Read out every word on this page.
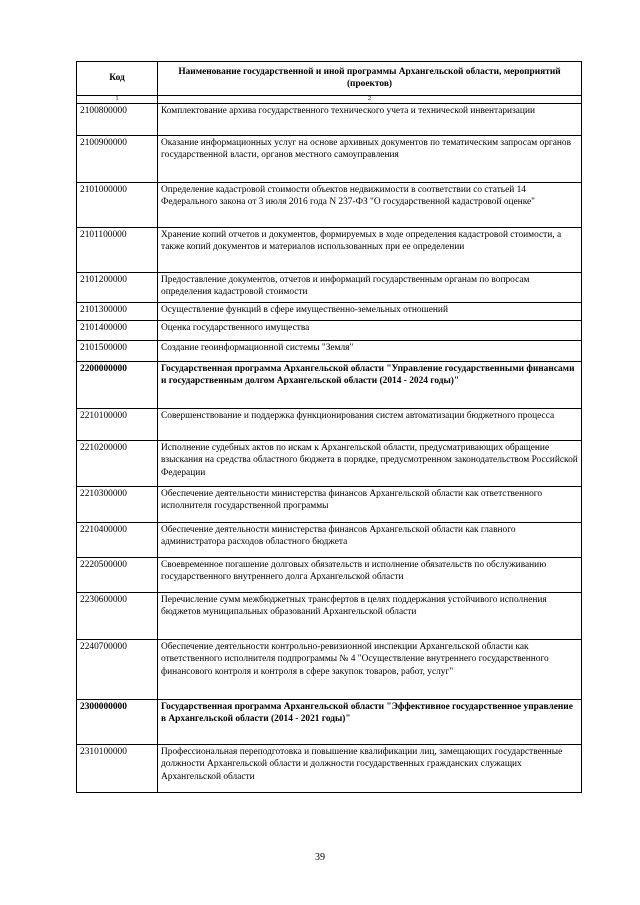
Код	Наименование государственной и иной программы Архангельской области, мероприятий (проектов)
1	2
2100800000	Комплектование архива государственного технического учета и технической инвентаризации
2100900000	Оказание информационных услуг на основе архивных документов по тематическим запросам органов государственной власти, органов местного самоуправления
2101000000	Определение кадастровой стоимости объектов недвижимости в соответствии со статьей 14 Федерального закона от 3 июля 2016 года N 237-ФЗ "О государственной кадастровой оценке"
2101100000	Хранение копий отчетов и документов, формируемых в ходе определения кадастровой стоимости, а также копий документов и материалов использованных при ее определении
2101200000	Предоставление документов, отчетов и информаций государственным органам по вопросам определения кадастровой стоимости
2101300000	Осуществление функций в сфере имущественно-земельных отношений
2101400000	Оценка государственного имущества
2101500000	Создание геоинформационной системы "Земля"
2200000000	Государственная программа Архангельской области "Управление государственными финансами и государственным долгом Архангельской области (2014 - 2024 годы)"
2210100000	Совершенствование и поддержка функционирования систем автоматизации бюджетного процесса
2210200000	Исполнение судебных актов по искам к Архангельской области, предусматривающих обращение взыскания на средства областного бюджета в порядке, предусмотренном законодательством Российской Федерации
2210300000	Обеспечение деятельности министерства финансов Архангельской области как ответственного исполнителя государственной программы
2210400000	Обеспечение деятельности министерства финансов Архангельской области как главного администратора расходов областного бюджета
2220500000	Своевременное погашение долговых обязательств и исполнение обязательств по обслуживанию государственного внутреннего долга Архангельской области
2230600000	Перечисление сумм межбюджетных трансфертов в целях поддержания устойчивого исполнения бюджетов муниципальных образований Архангельской области
2240700000	Обеспечение деятельности контрольно-ревизионной инспекции Архангельской области как ответственного исполнителя подпрограммы № 4 "Осуществление внутреннего государственного финансового контроля и контроля в сфере закупок товаров, работ, услуг"
2300000000	Государственная программа Архангельской области "Эффективное государственное управление в Архангельской области (2014 - 2021 годы)"
2310100000	Профессиональная переподготовка и повышение квалификации лиц, замещающих государственные должности Архангельской области и должности государственных гражданских служащих Архангельской области
39
